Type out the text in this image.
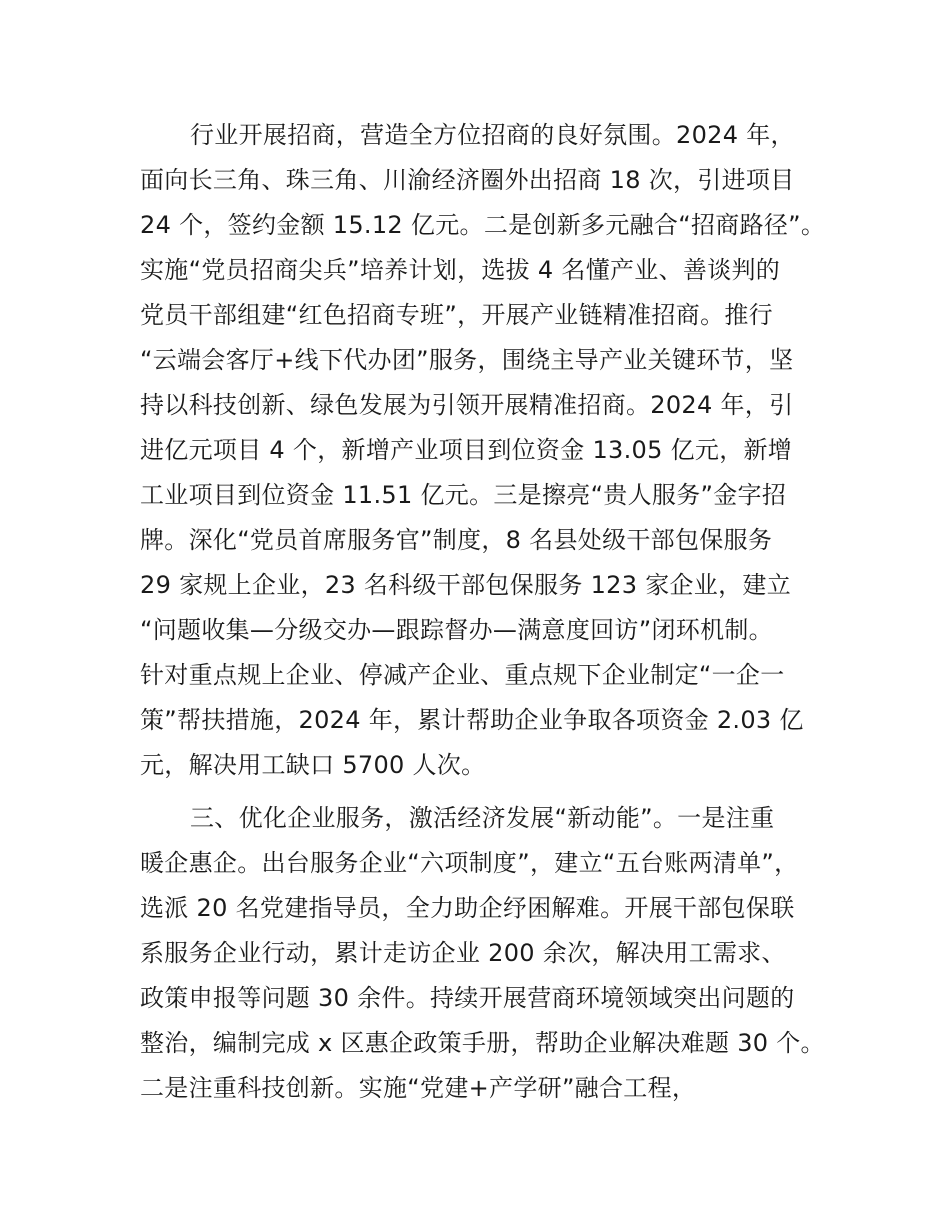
行业开展招商，营造全方位招商的良好氛围。2024 年，
面向长三角、珠三角、川渝经济圈外出招商 18 次，引进项目
24 个，签约金额 15.12 亿元。二是创新多元融合“招商路径”。
实施“党员招商尖兵”培养计划，选拔 4 名懂产业、善谈判的
党员干部组建“红色招商专班”，开展产业链精准招商。推行
“云端会客厅+线下代办团”服务，围绕主导产业关键环节，坚
持以科技创新、绿色发展为引领开展精准招商。2024 年，引
进亿元项目 4 个，新增产业项目到位资金 13.05 亿元，新增
工业项目到位资金 11.51 亿元。三是擦亮“贵人服务”金字招
牌。深化“党员首席服务官”制度，8 名县处级干部包保服务
29 家规上企业，23 名科级干部包保服务 123 家企业，建立
“问题收集—分级交办—跟踪督办—满意度回访”闭环机制。
针对重点规上企业、停减产企业、重点规下企业制定“一企一
策”帮扶措施，2024 年，累计帮助企业争取各项资金 2.03 亿
元，解决用工缺口 5700 人次。
三、优化企业服务，激活经济发展“新动能”。一是注重
暖企惠企。出台服务企业“六项制度”，建立“五台账两清单”，
选派 20 名党建指导员，全力助企纾困解难。开展干部包保联
系服务企业行动，累计走访企业 200 余次，解决用工需求、
政策申报等问题 30 余件。持续开展营商环境领域突出问题的
整治，编制完成 x 区惠企政策手册，帮助企业解决难题 30 个。
二是注重科技创新。实施“党建+产学研”融合工程，
